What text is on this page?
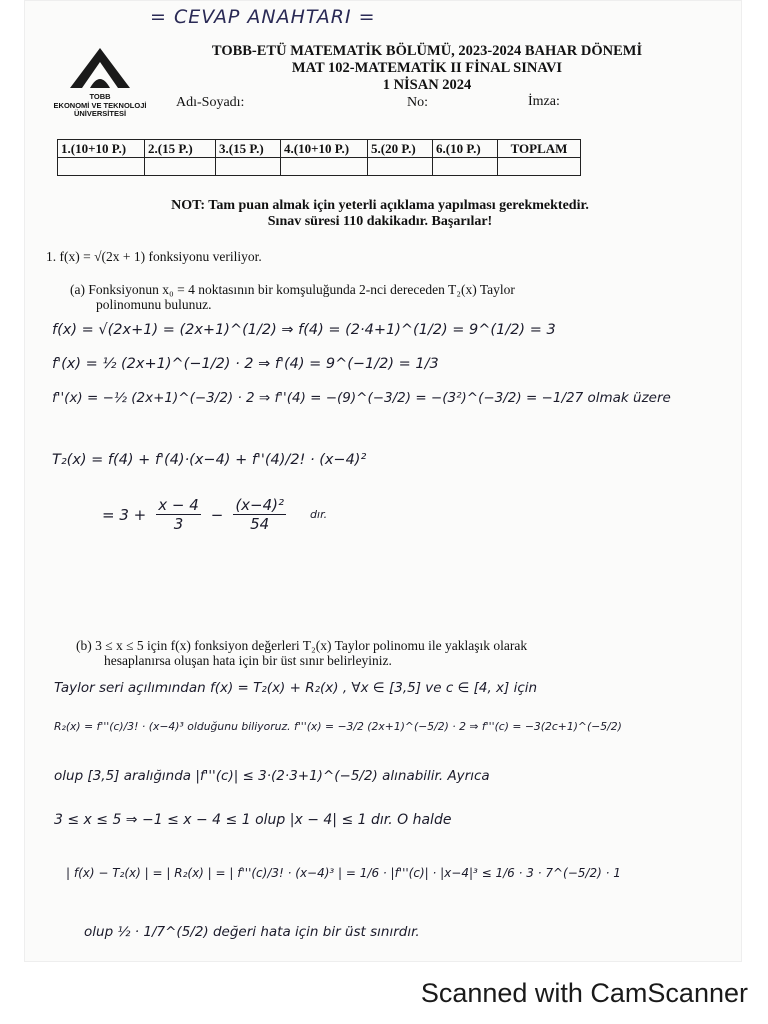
= CEVAP ANAHTARI =
TOBB
EKONOMİ VE TEKNOLOJİ
ÜNİVERSİTESİ
TOBB-ETÜ MATEMATİK BÖLÜMÜ, 2023-2024 BAHAR DÖNEMİ
MAT 102-MATEMATİK II FİNAL SINAVI
1 NİSAN 2024
Adı-Soyadı:	No:	İmza:
1.(10+10 P.)	2.(15 P.)	3.(15 P.)	4.(10+10 P.)	5.(20 P.)	6.(10 P.)	TOPLAM

NOT: Tam puan almak için yeterli açıklama yapılması gerekmektedir.
Sınav süresi 110 dakikadır. Başarılar!
1. f(x) = √(2x + 1) fonksiyonu veriliyor.
(a) Fonksiyonun x₀ = 4 noktasının bir komşuluğunda 2-nci dereceden T₂(x) Taylor
polinomunu bulunuz.
f(x) = √(2x+1) = (2x+1)^(1/2) ⇒ f(4) = (2·4+1)^(1/2) = 9^(1/2) = 3
f'(x) = ½ (2x+1)^(−1/2) · 2 ⇒ f'(4) = 9^(−1/2) = 1/3
f''(x) = −½ (2x+1)^(−3/2) · 2 ⇒ f''(4) = −(9)^(−3/2) = −(3²)^(−3/2) = −1/27 olmak üzere
T₂(x) = f(4) + f'(4)·(x−4) + f''(4)/2! · (x−4)²
= $3 + \frac{x - 4}{3} - \frac{\text{(x−4)²}}{54}$ dır.
(b) 3 ≤ x ≤ 5 için f(x) fonksiyon değerleri T₂(x) Taylor polinomu ile yaklaşık olarak
hesaplanırsa oluşan hata için bir üst sınır belirleyiniz.
Taylor seri açılımından f(x) = T₂(x) + R₂(x) , ∀x ∈ [3,5] ve c ∈ [4, x] için
R₂(x) = f'''(c)/3! · (x−4)³ olduğunu biliyoruz. f'''(x) = −3/2 (2x+1)^(−5/2) · 2 ⇒ f'''(c) = −3(2c+1)^(−5/2)
olup [3,5] aralığında |f'''(c)| ≤ 3·(2·3+1)^(−5/2) alınabilir. Ayrıca
3 ≤ x ≤ 5 ⇒ −1 ≤ x − 4 ≤ 1 olup |x − 4| ≤ 1 dır. O halde
| f(x) − T₂(x) | = | R₂(x) | = | f'''(c)/3! · (x−4)³ | = 1/6 · |f'''(c)| · |x−4|³ ≤ 1/6 · 3 · 7^(−5/2) · 1
olup ½ · 1/7^(5/2) değeri hata için bir üst sınırdır.
Scanned with CamScanner
